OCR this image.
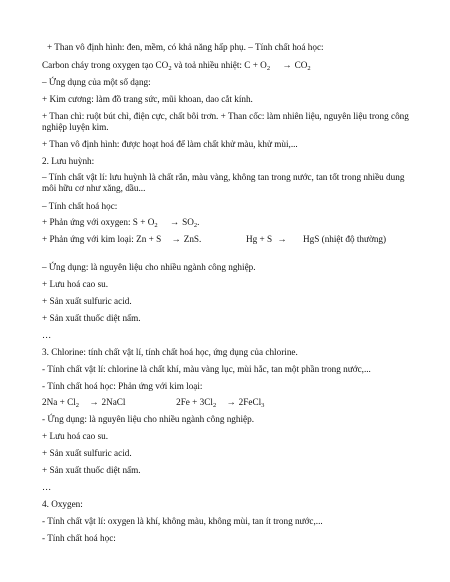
+ Than vô định hình: đen, mềm, có khả năng hấp phụ. – Tính chất hoá học:
Carbon cháy trong oxygen tạo $CO_2$ và toả nhiều nhiệt: $C + O_2 \to CO_2$
– Ứng dụng của một số dạng:
+ Kim cương: làm đồ trang sức, mũi khoan, dao cắt kính.
+ Than chì: ruột bút chì, điện cực, chất bôi trơn. + Than cốc: làm nhiên liệu, nguyên liệu trong công nghiệp luyện kim.
+ Than vô định hình: được hoạt hoá để làm chất khử màu, khử mùi,...
2. Lưu huỳnh:
– Tính chất vật lí: lưu huỳnh là chất rắn, màu vàng, không tan trong nước, tan tốt trong nhiều dung môi hữu cơ như xăng, dầu...
– Tính chất hoá học:
+ Phản ứng với oxygen: $S + O_2 \to SO_2$.
+ Phản ứng với kim loại: Zn + S → ZnS.	Hg + S →	HgS (nhiệt độ thường)
– Ứng dụng: là nguyên liệu cho nhiều ngành công nghiệp.
+ Lưu hoá cao su.
+ Sản xuất sulfuric acid.
+ Sản xuất thuốc diệt nấm.
…
3. Chlorine: tính chất vật lí, tính chất hoá học, ứng dụng của chlorine.
- Tính chất vật lí: chlorine là chất khí, màu vàng lục, mùi hắc, tan một phần trong nước,...
- Tính chất hoá học: Phản ứng với kim loại:
$2Na + Cl_2$ → 2NaCl	$2Fe + 3Cl_2$ → 2FeCl$_3$
- Ứng dụng: là nguyên liệu cho nhiều ngành công nghiệp.
+ Lưu hoá cao su.
+ Sản xuất sulfuric acid.
+ Sản xuất thuốc diệt nấm.
…
4. Oxygen:
- Tính chất vật lí: oxygen là khí, không màu, không mùi, tan ít trong nước,...
- Tính chất hoá học:
